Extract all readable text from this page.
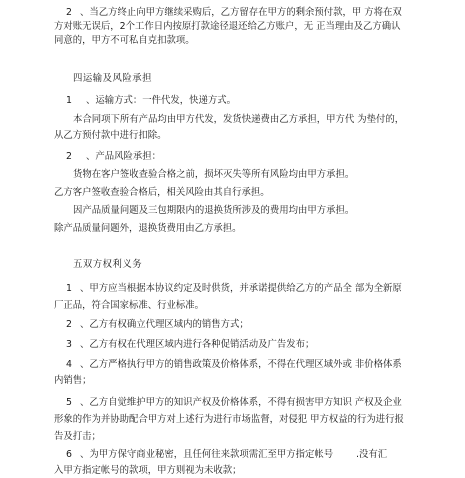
2 、当乙方终止向甲方继续采购后，乙方留存在甲方的剩余预付款，甲 方将在双
方对账无误后，2个工作日内按原打款途径退还给乙方账户，无 正当理由及乙方确认
同意的，甲方不可私自克扣款项。
四运输及风险承担
1 、运输方式：一件代发，快递方式。
本合同项下所有产品均由甲方代发，发货快递费由乙方承担，甲方代 为垫付的，
从乙方预付款中进行扣除。
2 、产品风险承担：
货物在客户签收查验合格之前，损坏灭失等所有风险均由甲方承担。
乙方客户签收查验合格后，相关风险由其自行承担。
因产品质量问题及三包期限内的退换货所涉及的费用均由甲方承担。
除产品质量问题外，退换货费用由乙方承担。
五双方权利义务
1 、甲方应当根据本协议约定及时供货，并承诺提供给乙方的产品全 部为全新原
厂正品，符合国家标准、行业标准。
2 、乙方有权确立代理区域内的销售方式；
3 、乙方有权在代理区域内进行各种促销活动及广告发布；
4 、乙方严格执行甲方的销售政策及价格体系，不得在代理区域外或 非价格体系
内销售；
5 、乙方自觉维护甲方的知识产权及价格体系，不得有损害甲方知识 产权及企业
形象的作为并协助配合甲方对上述行为进行市场监督，对侵犯 甲方权益的行为进行报
告及打击；
6 、为甲方保守商业秘密，且任何往来款项需汇至甲方指定帐号 .没有汇
入甲方指定帐号的款项，甲方则视为未收款；
